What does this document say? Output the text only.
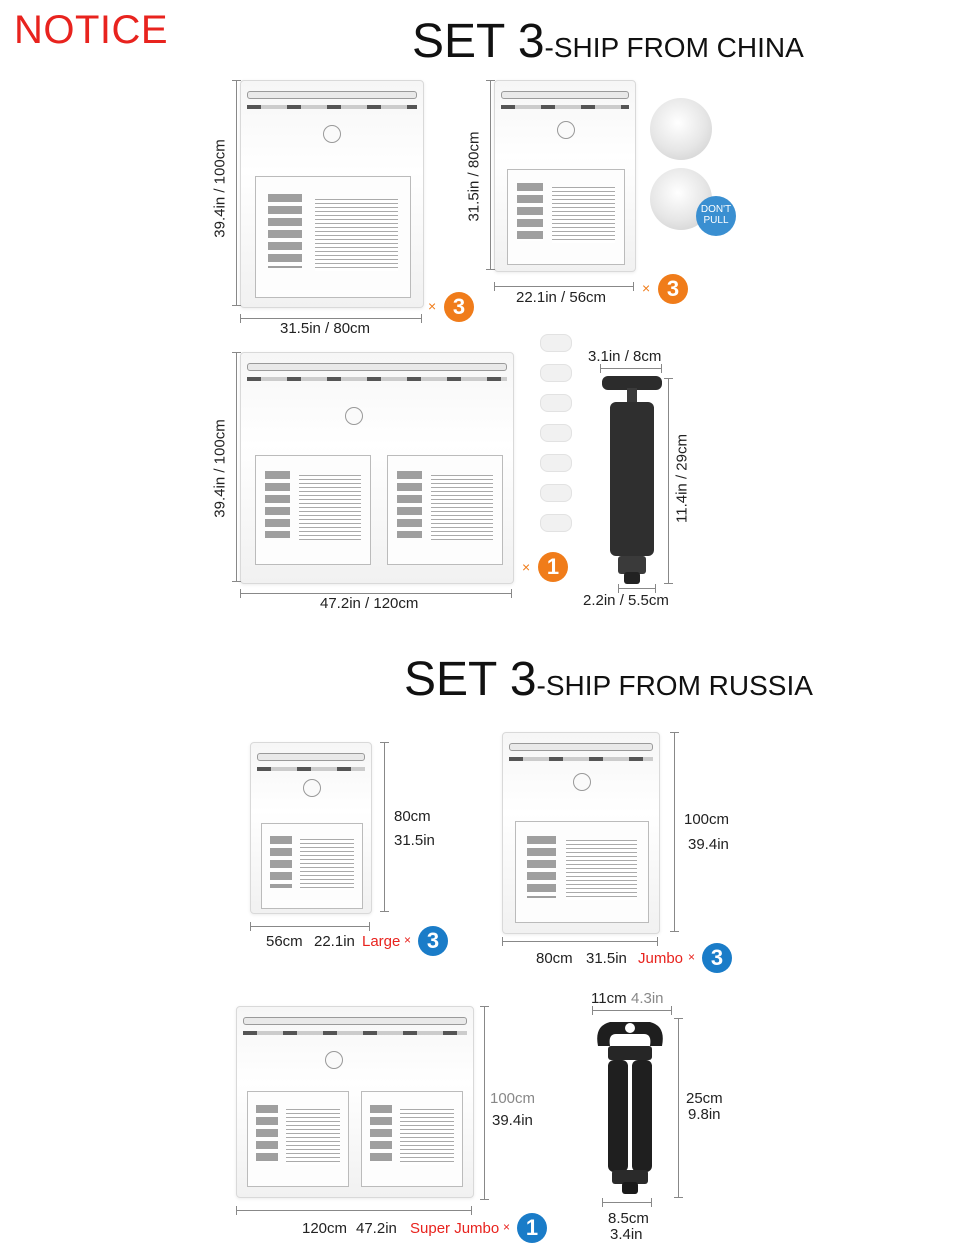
NOTICE	SET 3-SHIP FROM CHINA
39.4in / 100cm
31.5in / 80cm
× 3
31.5in / 80cm
22.1in / 56cm
× 3
DON'T PULL
39.4in / 100cm
47.2in / 120cm
× 1
3.1in / 8cm
11.4in / 29cm
2.2in / 5.5cm
SET 3-SHIP FROM RUSSIA
80cm
31.5in
56cm 22.1in Large × 3
100cm
39.4in
80cm 31.5in Jumbo × 3
100cm
39.4in
120cm 47.2in Super Jumbo × 1
11cm 4.3in
25cm
9.8in
8.5cm
3.4in
